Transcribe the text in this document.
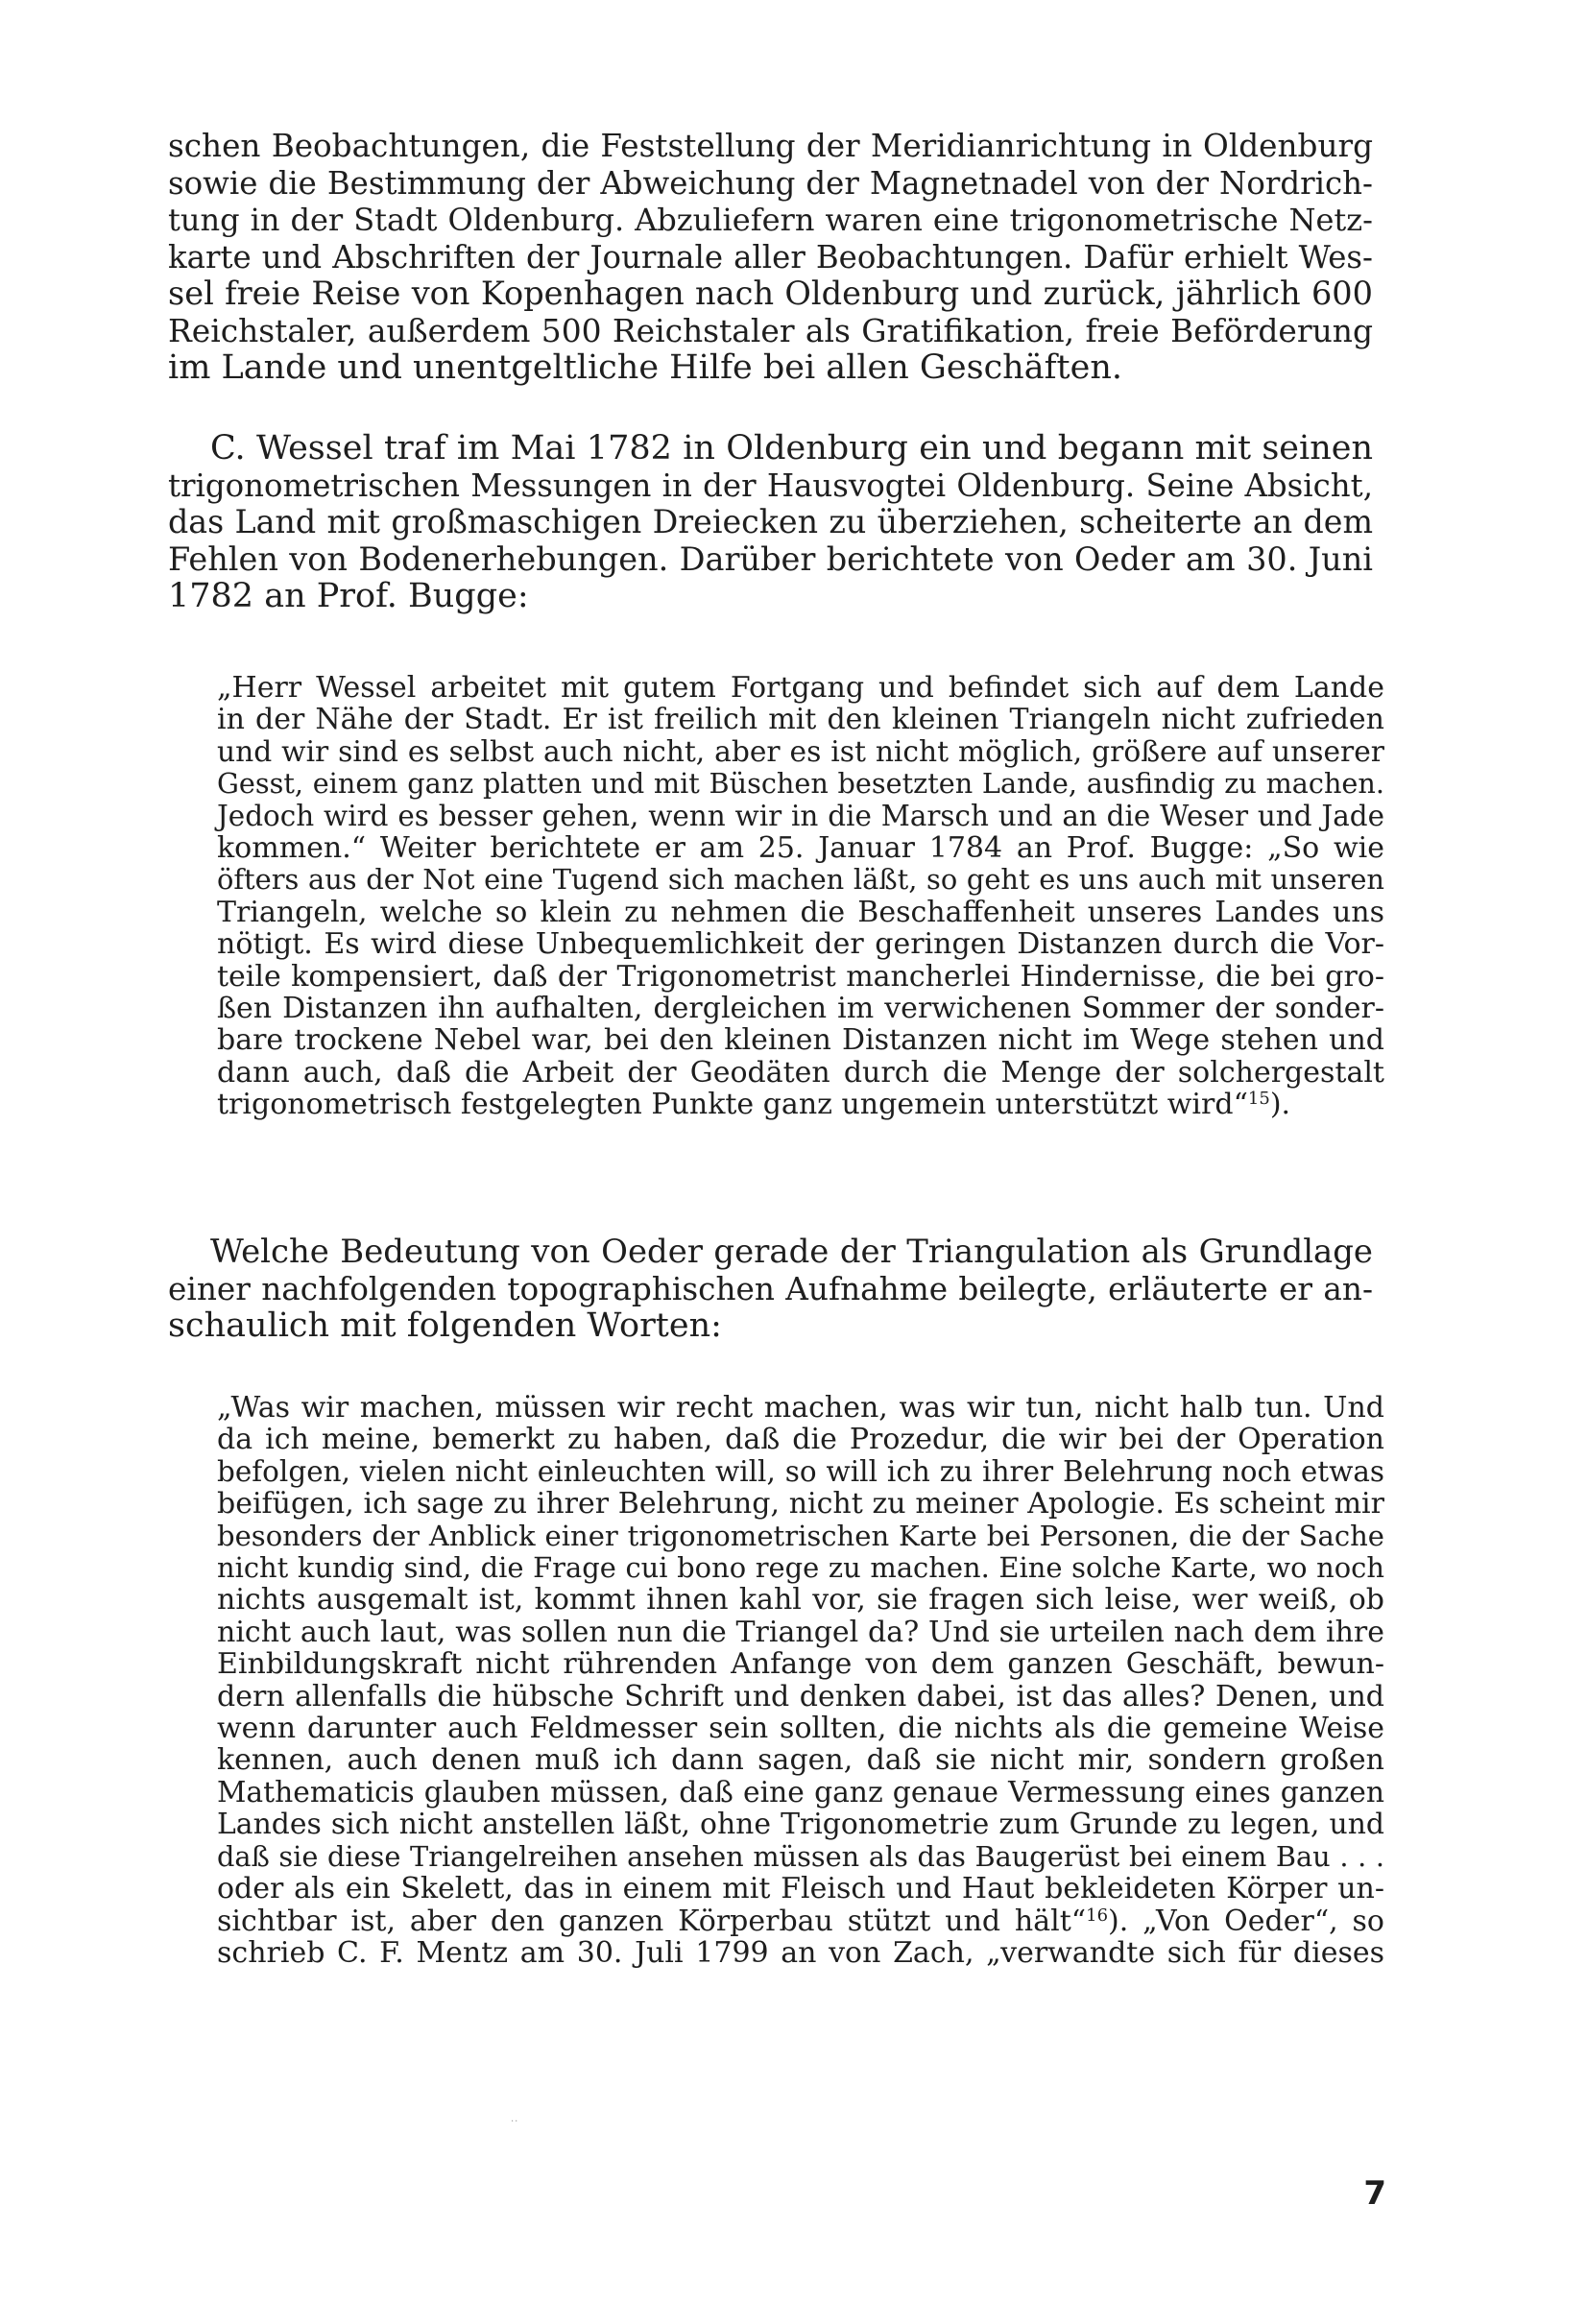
schen Beobachtungen, die Feststellung der Meridianrichtung in Oldenburg
sowie die Bestimmung der Abweichung der Magnetnadel von der Nordrich-
tung in der Stadt Oldenburg. Abzuliefern waren eine trigonometrische Netz-
karte und Abschriften der Journale aller Beobachtungen. Dafür erhielt Wes-
sel freie Reise von Kopenhagen nach Oldenburg und zurück, jährlich 600
Reichstaler, außerdem 500 Reichstaler als Gratifikation, freie Beförderung
im Lande und unentgeltliche Hilfe bei allen Geschäften.
C. Wessel traf im Mai 1782 in Oldenburg ein und begann mit seinen
trigonometrischen Messungen in der Hausvogtei Oldenburg. Seine Absicht,
das Land mit großmaschigen Dreiecken zu überziehen, scheiterte an dem
Fehlen von Bodenerhebungen. Darüber berichtete von Oeder am 30. Juni
1782 an Prof. Bugge:
„Herr Wessel arbeitet mit gutem Fortgang und befindet sich auf dem Lande
in der Nähe der Stadt. Er ist freilich mit den kleinen Triangeln nicht zufrieden
und wir sind es selbst auch nicht, aber es ist nicht möglich, größere auf unserer
Gesst, einem ganz platten und mit Büschen besetzten Lande, ausfindig zu machen.
Jedoch wird es besser gehen, wenn wir in die Marsch und an die Weser und Jade
kommen.“ Weiter berichtete er am 25. Januar 1784 an Prof. Bugge: „So wie
öfters aus der Not eine Tugend sich machen läßt, so geht es uns auch mit unseren
Triangeln, welche so klein zu nehmen die Beschaffenheit unseres Landes uns
nötigt. Es wird diese Unbequemlichkeit der geringen Distanzen durch die Vor-
teile kompensiert, daß der Trigonometrist mancherlei Hindernisse, die bei gro-
ßen Distanzen ihn aufhalten, dergleichen im verwichenen Sommer der sonder-
bare trockene Nebel war, bei den kleinen Distanzen nicht im Wege stehen und
dann auch, daß die Arbeit der Geodäten durch die Menge der solchergestalt
trigonometrisch festgelegten Punkte ganz ungemein unterstützt wird“$^{15}$).
Welche Bedeutung von Oeder gerade der Triangulation als Grundlage
einer nachfolgenden topographischen Aufnahme beilegte, erläuterte er an-
schaulich mit folgenden Worten:
„Was wir machen, müssen wir recht machen, was wir tun, nicht halb tun. Und
da ich meine, bemerkt zu haben, daß die Prozedur, die wir bei der Operation
befolgen, vielen nicht einleuchten will, so will ich zu ihrer Belehrung noch etwas
beifügen, ich sage zu ihrer Belehrung, nicht zu meiner Apologie. Es scheint mir
besonders der Anblick einer trigonometrischen Karte bei Personen, die der Sache
nicht kundig sind, die Frage cui bono rege zu machen. Eine solche Karte, wo noch
nichts ausgemalt ist, kommt ihnen kahl vor, sie fragen sich leise, wer weiß, ob
nicht auch laut, was sollen nun die Triangel da? Und sie urteilen nach dem ihre
Einbildungskraft nicht rührenden Anfange von dem ganzen Geschäft, bewun-
dern allenfalls die hübsche Schrift und denken dabei, ist das alles? Denen, und
wenn darunter auch Feldmesser sein sollten, die nichts als die gemeine Weise
kennen, auch denen muß ich dann sagen, daß sie nicht mir, sondern großen
Mathematicis glauben müssen, daß eine ganz genaue Vermessung eines ganzen
Landes sich nicht anstellen läßt, ohne Trigonometrie zum Grunde zu legen, und
daß sie diese Triangelreihen ansehen müssen als das Baugerüst bei einem Bau . . .
oder als ein Skelett, das in einem mit Fleisch und Haut bekleideten Körper un-
sichtbar ist, aber den ganzen Körperbau stützt und hält“$^{16}$). „Von Oeder“, so
schrieb C. F. Mentz am 30. Juli 1799 an von Zach, „verwandte sich für dieses
··
7
